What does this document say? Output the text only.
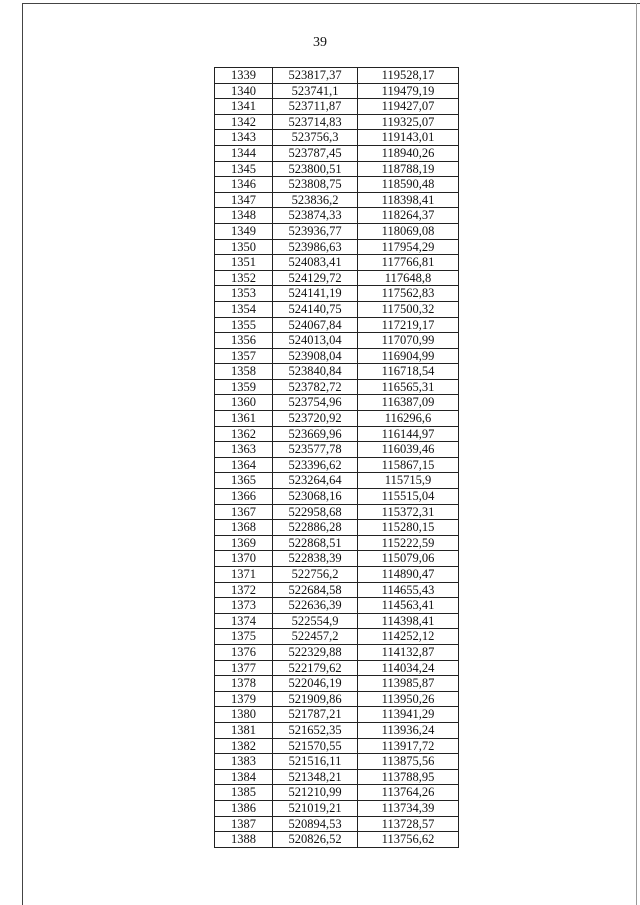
39
1339	523817,37	119528,17
1340	523741,1	119479,19
1341	523711,87	119427,07
1342	523714,83	119325,07
1343	523756,3	119143,01
1344	523787,45	118940,26
1345	523800,51	118788,19
1346	523808,75	118590,48
1347	523836,2	118398,41
1348	523874,33	118264,37
1349	523936,77	118069,08
1350	523986,63	117954,29
1351	524083,41	117766,81
1352	524129,72	117648,8
1353	524141,19	117562,83
1354	524140,75	117500,32
1355	524067,84	117219,17
1356	524013,04	117070,99
1357	523908,04	116904,99
1358	523840,84	116718,54
1359	523782,72	116565,31
1360	523754,96	116387,09
1361	523720,92	116296,6
1362	523669,96	116144,97
1363	523577,78	116039,46
1364	523396,62	115867,15
1365	523264,64	115715,9
1366	523068,16	115515,04
1367	522958,68	115372,31
1368	522886,28	115280,15
1369	522868,51	115222,59
1370	522838,39	115079,06
1371	522756,2	114890,47
1372	522684,58	114655,43
1373	522636,39	114563,41
1374	522554,9	114398,41
1375	522457,2	114252,12
1376	522329,88	114132,87
1377	522179,62	114034,24
1378	522046,19	113985,87
1379	521909,86	113950,26
1380	521787,21	113941,29
1381	521652,35	113936,24
1382	521570,55	113917,72
1383	521516,11	113875,56
1384	521348,21	113788,95
1385	521210,99	113764,26
1386	521019,21	113734,39
1387	520894,53	113728,57
1388	520826,52	113756,62
